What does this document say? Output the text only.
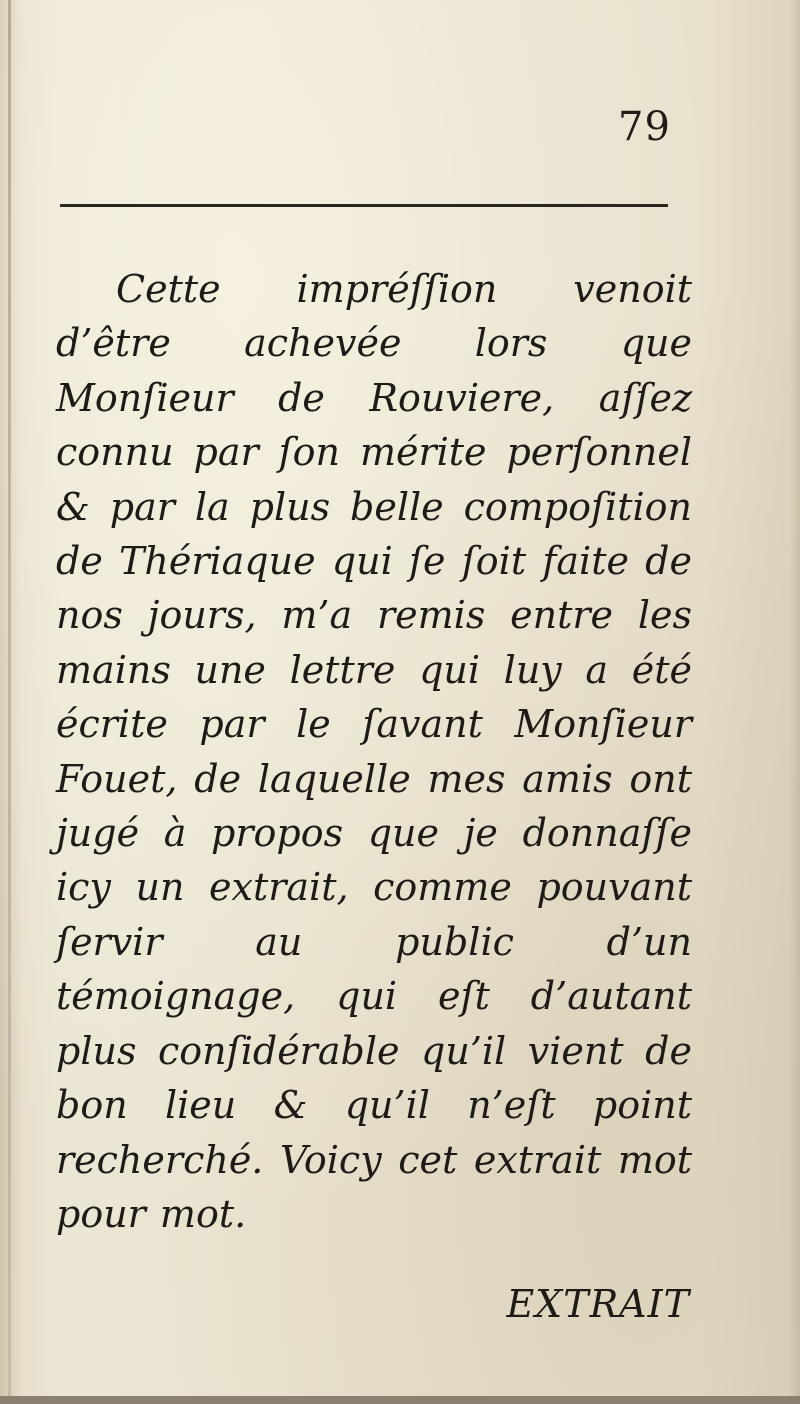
79

Cette impréſſion venoit d’être achevée lors que Monſieur de Rouviere, aſſez connu par ſon mérite perſonnel & par la plus belle compoſition de Thériaque qui ſe ſoit faite de nos jours, m’a remis entre les mains une lettre qui luy a été écrite par le ſavant Monſieur Fouet, de laquelle mes amis ont jugé à propos que je donnaſſe icy un extrait, comme pouvant ſervir au public d’un témoignage, qui eſt d’autant plus conſidérable qu’il vient de bon lieu & qu’il n’eſt point recherché. Voicy cet extrait mot pour mot.

EXTRAIT
